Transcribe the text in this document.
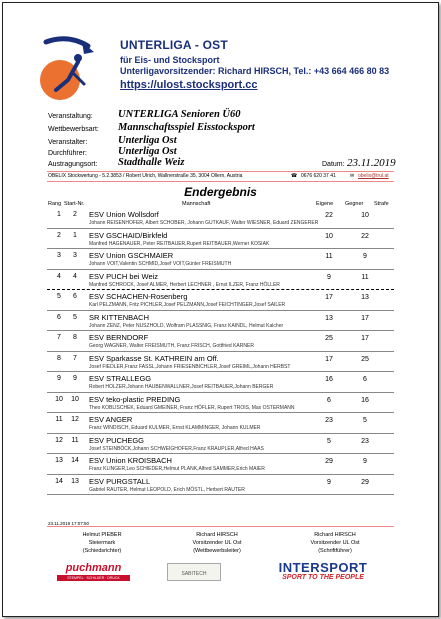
UNTERLIGA - OST
für Eis- und Stocksport
Unterligavorsitzender: Richard HIRSCH, Tel.: +43 664 466 80 83
https://ulost.stocksport.cc
Veranstaltung: UNTERLIGA Senioren Ü60
Wettbewerbsart: Mannschaftsspiel Eisstocksport
Veranstalter:	Unterliga Ost
Durchführer:	Unterliga Ost
Austragungsort: Stadthalle Weiz	Datum: 23.11.2019
OBELIX Stockwertung - 5.2.3853 / Robert Ulrich, Wallnerstraße 35, 3004 Ollern, Austria	☎ 0676 620 37 41	✉ obelix@trul.at
Endergebnis
Rang Start-Nr.	Mannschaft	Eigene Gegner Strafe
1	2	ESV Union Wollsdorf
Johann REISENHOFER, Albert SCHOBER, Johann GUTKAUF, Walter WIESNER, Eduard ZENGERER
22	10
2	1	ESV GSCHAID/Birkfeld
Manfred HAGENAUER, Peter REITBAUER,Rupert REITBAUER,Werner KOSIAK
10	22
3	3	ESV Union GSCHMAIER
Johann VOIT,Valentin SCHMID,Josef VOIT,Günter FREISMUTH
11	9
4	4	ESV PUCH bei Weiz
Manfred SCHROCK, Josef ALMER, Herbert LECHNER , Ernst ILZER, Franz HÖLLER
9	11
5	6	ESV SCHACHEN-Rosenberg
Karl PELZMANN, Fritz PICHLER,Josef PELZMANN,Josef FEICHTINGER,Josef SAILER
17	13
6	5	SR KITTENBACH
Johann ZENZ, Peter NUSZHOLD, Wolfram PLASSNIG, Franz KAINDL, Helmut Kalcher
13	17
7	8	ESV BERNDORF
Georg WAGNER, Walter FREISMUTH, Franz FRISCH, Gottfried KARNER
25	17
8	7	ESV Sparkasse St. KATHREIN am Off.
Josef FIEDLER,Franz FASSL,Johann FRIESENBICHLER,Josef GREIML,Johann HERBST
17	25
9	9	ESV STRALLEGG
Robert HOLZER,Johann HAUBENWALLNER,Josef REITBAUER,Johann BERGER
16	6
10	10 ESV teko-plastic PREDING
Theo KOBLISCHEK, Eduard GMEINER, Franz HÖFLER, Rupert TROIS, Max OSTERMANN
6	16
11	12 ESV ANGER
Franz WINDISCH, Eduard KULMER, Ernst KLAMMINGER, Johann KULMER
23	5
12	11	ESV PUCHEGG
Josef STEINBÖCK,Johann SCHWEIGHOFER,Franz KRAUPLER,Alfred HAAS
5	23
13	14 ESV Union KROISBACH
Franz KLINGER,Leo SCHIEDER,Helmut PLANK,Alfred SAMMER,Erich MAIER
29	9
14	13 ESV PURGSTALL
Gabriel RAUTER, Helmut LEOPOLD, Erich MÖSTL, Herbert RAUTER
9	29
23.11.2019 17:07:50
Helmut PIEBER
Steiermark
(Schiedsrichter)
Richard HIRSCH
Vorsitzender UL Ost
(Wettbewerbsleiter)
Richard HIRSCH
Vorsitzender UL Ost
(Schriftführer)
puchmann
STEMPEL · SCHILDER · DRUCK
SABITECH	INTERSPORT
SPORT TO THE PEOPLE
